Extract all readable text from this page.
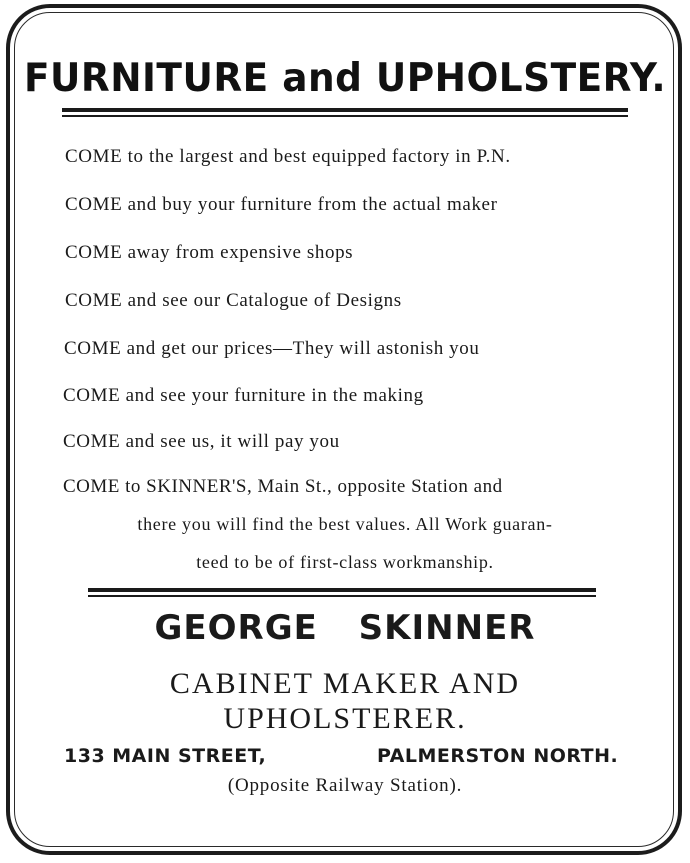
FURNITURE and UPHOLSTERY.
COME to the largest and best equipped factory in P.N.
COME and buy your furniture from the actual maker
COME away from expensive shops
COME and see our Catalogue of Designs
COME and get our prices—They will astonish you
COME and see your furniture in the making
COME and see us, it will pay you
COME to SKINNER'S, Main St., opposite Station and
there you will find the best values. All Work guaran-
teed to be of first-class workmanship.
GEORGE SKINNER
CABINET MAKER AND
UPHOLSTERER.
133 MAIN STREET,	PALMERSTON NORTH.
(Opposite Railway Station).
